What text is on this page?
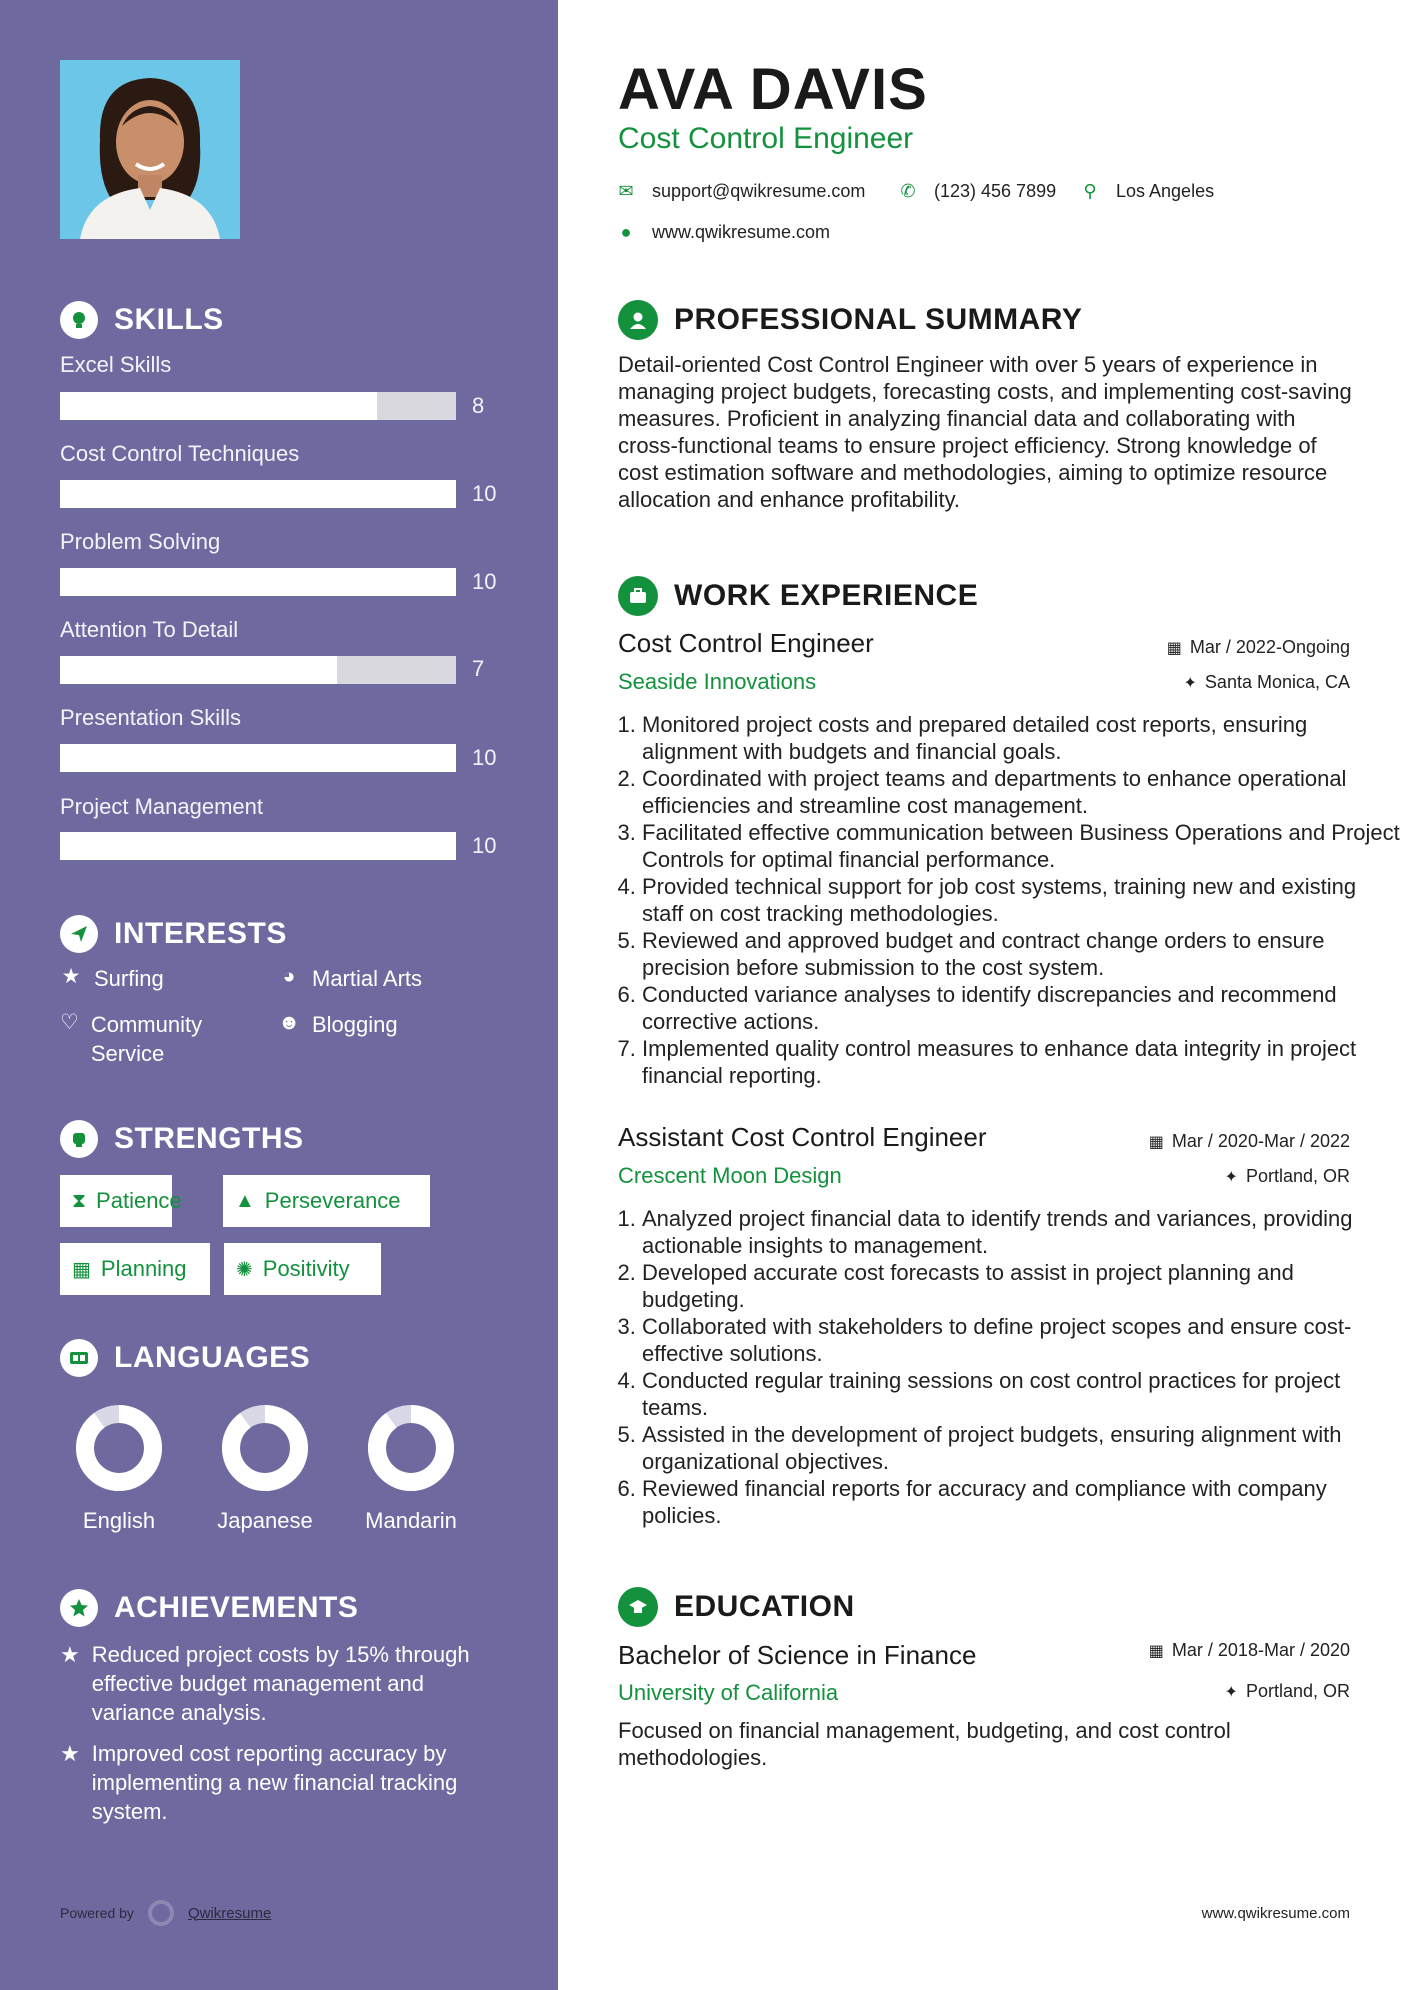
SKILLS
Excel Skills
8
Cost Control Techniques
10
Problem Solving
10
Attention To Detail
7
Presentation Skills
10
Project Management
10
INTERESTS
★ Surfing	◕ Martial Arts
♡ Community Service
☻ Blogging
STRENGTHS
⧗ Patience	▲ Perseverance
▦ Planning ✺ Positivity
LANGUAGES
English	Japanese	Mandarin
ACHIEVEMENTS
★ Reduced project costs by 15% through effective budget management and variance analysis.
★ Improved cost reporting accuracy by implementing a new financial tracking system.
Powered by	Qwikresume
AVA DAVIS
Cost Control Engineer
✉ support@qwikresume.com ✆ (123) 456 7899 ⚲ Los Angeles
● www.qwikresume.com
PROFESSIONAL SUMMARY
Detail-oriented Cost Control Engineer with over 5 years of experience in managing project budgets, forecasting costs, and implementing cost-saving measures. Proficient in analyzing financial data and collaborating with cross-functional teams to ensure project efficiency. Strong knowledge of cost estimation software and methodologies, aiming to optimize resource allocation and enhance profitability.
WORK EXPERIENCE
Cost Control Engineer
Seaside Innovations
▦ Mar / 2022-Ongoing
✦ Santa Monica, CA
1. Monitored project costs and prepared detailed cost reports, ensuring alignment with budgets and financial goals.
2. Coordinated with project teams and departments to enhance operational efficiencies and streamline cost management.
3. Facilitated effective communication between Business Operations and Project Controls for optimal financial performance.
4. Provided technical support for job cost systems, training new and existing staff on cost tracking methodologies.
5. Reviewed and approved budget and contract change orders to ensure precision before submission to the cost system.
6. Conducted variance analyses to identify discrepancies and recommend corrective actions.
7. Implemented quality control measures to enhance data integrity in project financial reporting.
Assistant Cost Control Engineer
Crescent Moon Design
▦ Mar / 2020-Mar / 2022
✦ Portland, OR
1. Analyzed project financial data to identify trends and variances, providing actionable insights to management.
2. Developed accurate cost forecasts to assist in project planning and budgeting.
3. Collaborated with stakeholders to define project scopes and ensure cost-effective solutions.
4. Conducted regular training sessions on cost control practices for project teams.
5. Assisted in the development of project budgets, ensuring alignment with organizational objectives.
6. Reviewed financial reports for accuracy and compliance with company policies.
EDUCATION
Bachelor of Science in Finance
University of California
▦ Mar / 2018-Mar / 2020
✦ Portland, OR
Focused on financial management, budgeting, and cost control methodologies.
www.qwikresume.com
